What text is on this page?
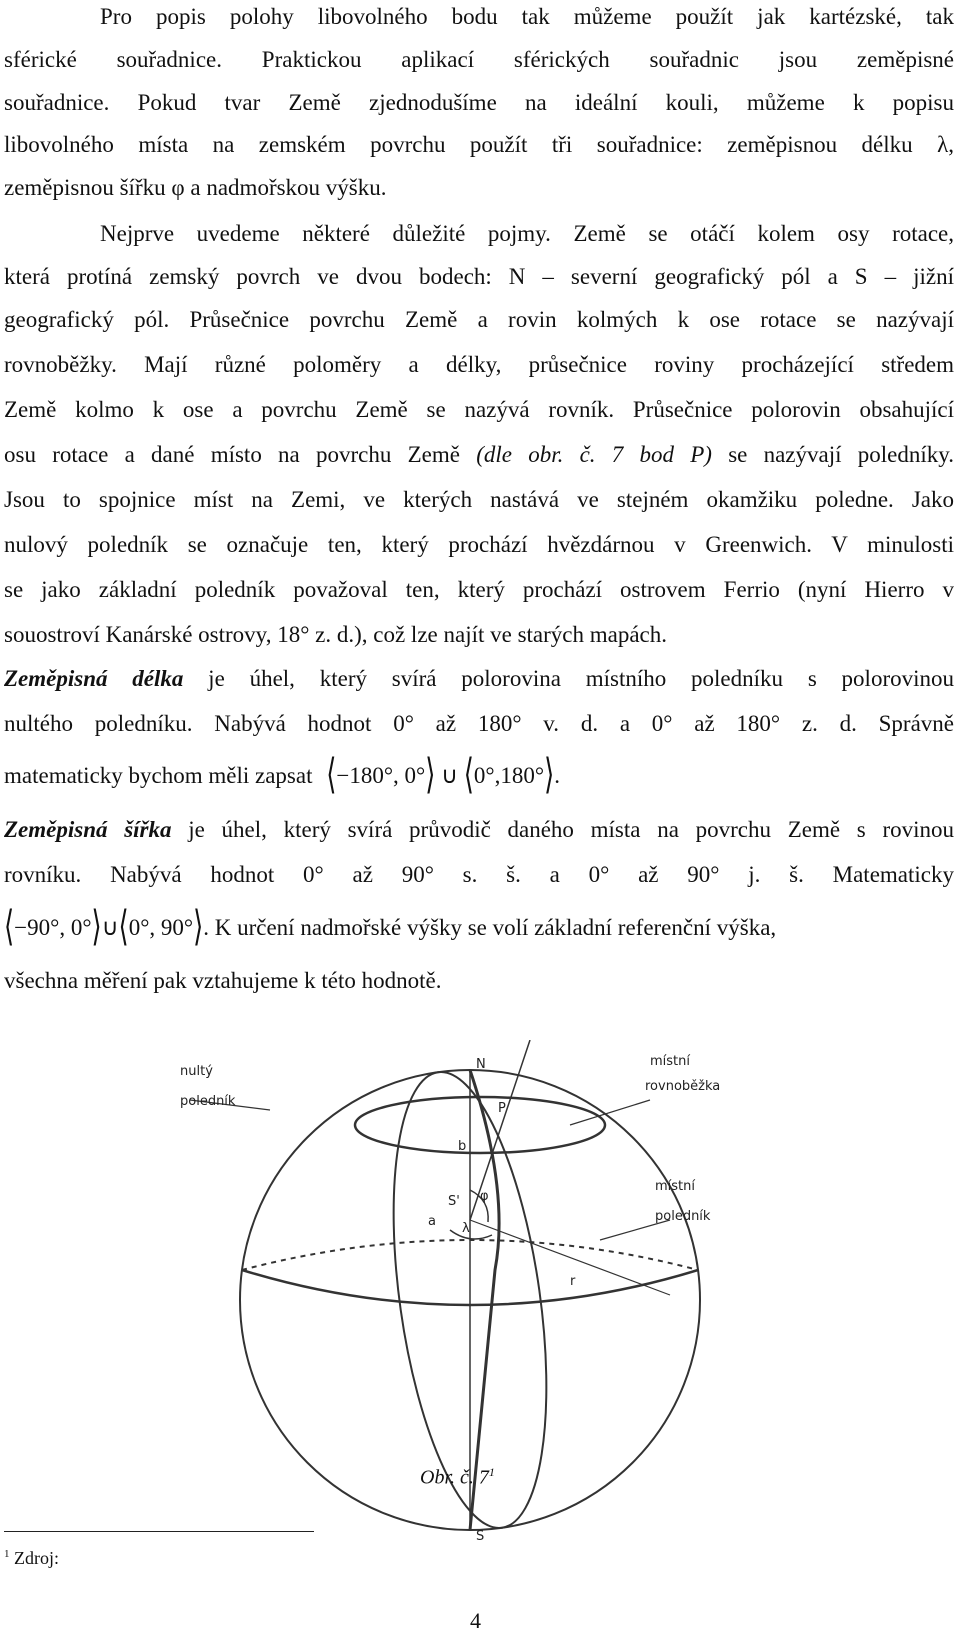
Pro popis polohy libovolného bodu tak můžeme použít jak kartézské, tak
sférické souřadnice. Praktickou aplikací sférických souřadnic jsou zeměpisné
souřadnice. Pokud tvar Země zjednodušíme na ideální kouli, můžeme k popisu
libovolného místa na zemském povrchu použít tři souřadnice: zeměpisnou délku λ,
zeměpisnou šířku φ a nadmořskou výšku.
Nejprve uvedeme některé důležité pojmy. Země se otáčí kolem osy rotace,
která protíná zemský povrch ve dvou bodech: N – severní geografický pól a S – jižní
geografický pól. Průsečnice povrchu Země a rovin kolmých k ose rotace se nazývají
rovnoběžky. Mají různé poloměry a délky, průsečnice roviny procházející středem
Země kolmo k ose a povrchu Země se nazývá rovník. Průsečnice polorovin obsahující
osu rotace a dané místo na povrchu Země (dle obr. č. 7 bod P) se nazývají poledníky.
Jsou to spojnice míst na Zemi, ve kterých nastává ve stejném okamžiku poledne. Jako
nulový poledník se označuje ten, který prochází hvězdárnou v Greenwich. V minulosti
se jako základní poledník považoval ten, který prochází ostrovem Ferrio (nyní Hierro v
souostroví Kanárské ostrovy, 18° z. d.), což lze najít ve starých mapách.
Zeměpisná délka je úhel, který svírá polorovina místního poledníku s polorovinou
nultého poledníku. Nabývá hodnot 0° až 180° v. d. a 0° až 180° z. d. Správně
matematicky bychom měli zapsat ⟨−180°, 0°⟩ ∪ ⟨0°,180°⟩.
Zeměpisná šířka je úhel, který svírá průvodič daného místa na povrchu Země s rovinou
rovníku. Nabývá hodnot 0° až 90° s. š. a 0° až 90° j. š. Matematicky
⟨−90°, 0°⟩∪⟨0°, 90°⟩. K určení nadmořské výšky se volí základní referenční výška,
všechna měření pak vztahujeme k této hodnotě.
nultý
poledník
místní
rovnoběžka
místní
poledník
N
P
S
S' φ
λ
r
b
a
Obr. č. $7^1$
$^1$ Zdroj:
4
